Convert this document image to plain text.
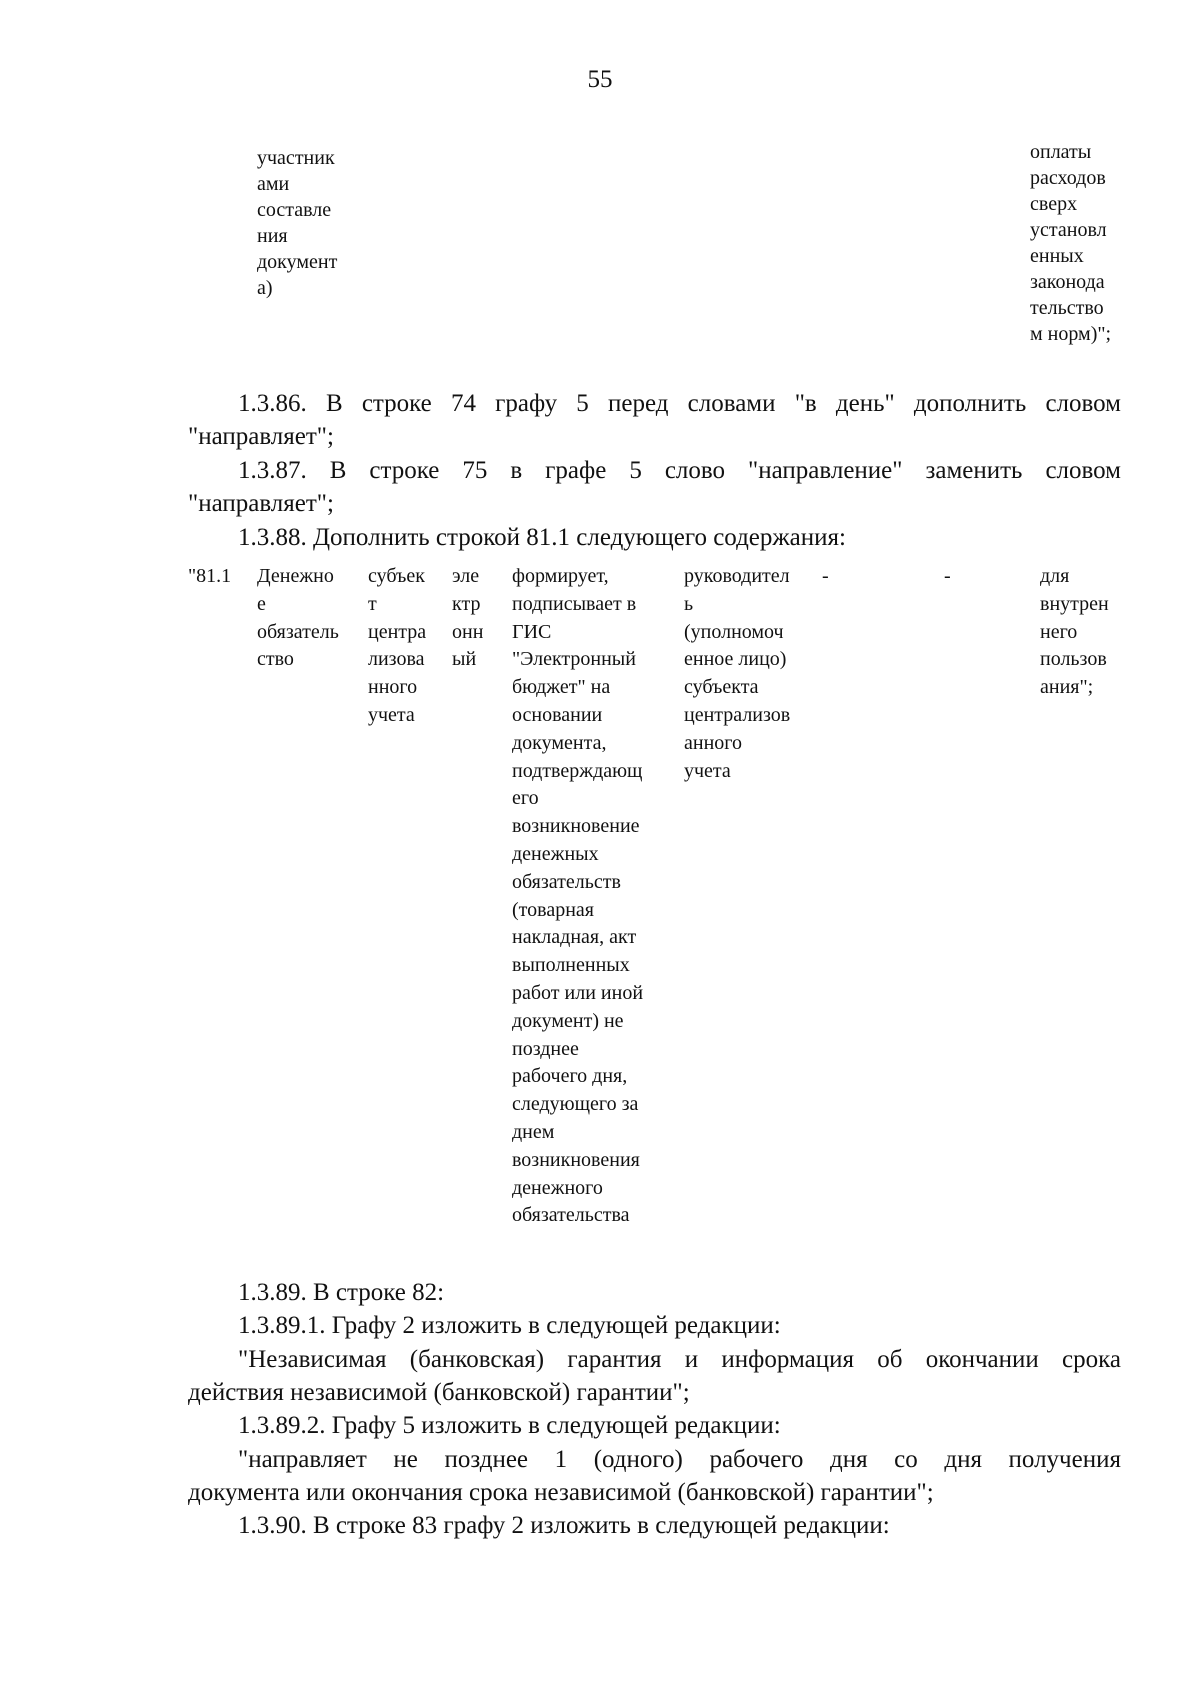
55
участник
ами
составле
ния
документ
а)
оплаты
расходов
сверх
установл
енных
законода
тельство
м норм)";
1.3.86. В строке 74 графу 5 перед словами "в день" дополнить словом
"направляет";
1.3.87. В строке 75 в графе 5 слово "направление" заменить словом
"направляет";
1.3.88. Дополнить строкой 81.1 следующего содержания:
"81.1 Денежно
е
обязатель
ство
субъек
т
центра
лизова
нного
учета
эле
ктр
онн
ый
формирует,
подписывает в
ГИС
"Электронный
бюджет" на
основании
документа,
подтверждающ
его
возникновение
денежных
обязательств
(товарная
накладная, акт
выполненных
работ или иной
документ) не
позднее
рабочего дня,
следующего за
днем
возникновения
денежного
обязательства
руководител
ь
(уполномоч
енное лицо)
субъекта
централизов
анного
учета
-	-	для
внутрен
него
пользов
ания";
1.3.89. В строке 82:
1.3.89.1. Графу 2 изложить в следующей редакции:
"Независимая (банковская) гарантия и информация об окончании срока
действия независимой (банковской) гарантии";
1.3.89.2. Графу 5 изложить в следующей редакции:
"направляет не позднее 1 (одного) рабочего дня со дня получения
документа или окончания срока независимой (банковской) гарантии";
1.3.90. В строке 83 графу 2 изложить в следующей редакции:
